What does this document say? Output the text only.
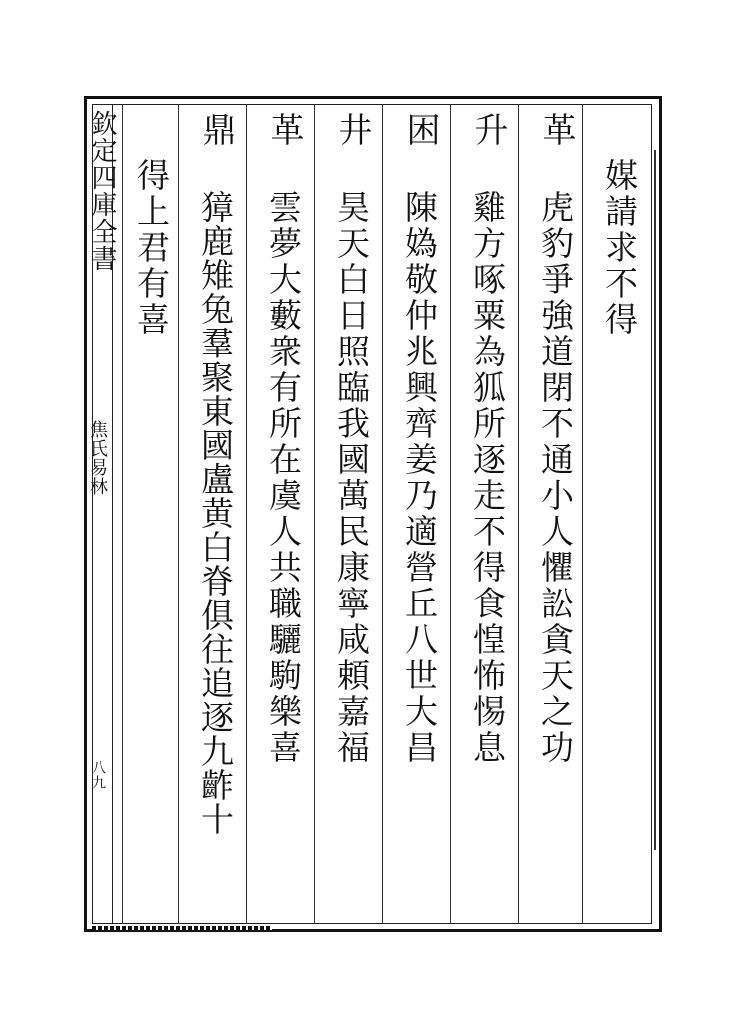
欽定四庫全書
焦氏易林
八九
媒請求不得
革
虎豹爭強道閉不通小人懼訟貪天之功
升
雞方啄粟為狐所逐走不得食惶怖惕息
困
陳媯敬仲兆興齊姜乃適營丘八世大昌
井
昊天白日照臨我國萬民康寧咸頼嘉福
革
雲夢大藪衆有所在虞人共職驪駒樂喜
鼎
獐鹿雉兔羣聚東國盧黄白脊俱往追逐九齚十
得上君有喜
